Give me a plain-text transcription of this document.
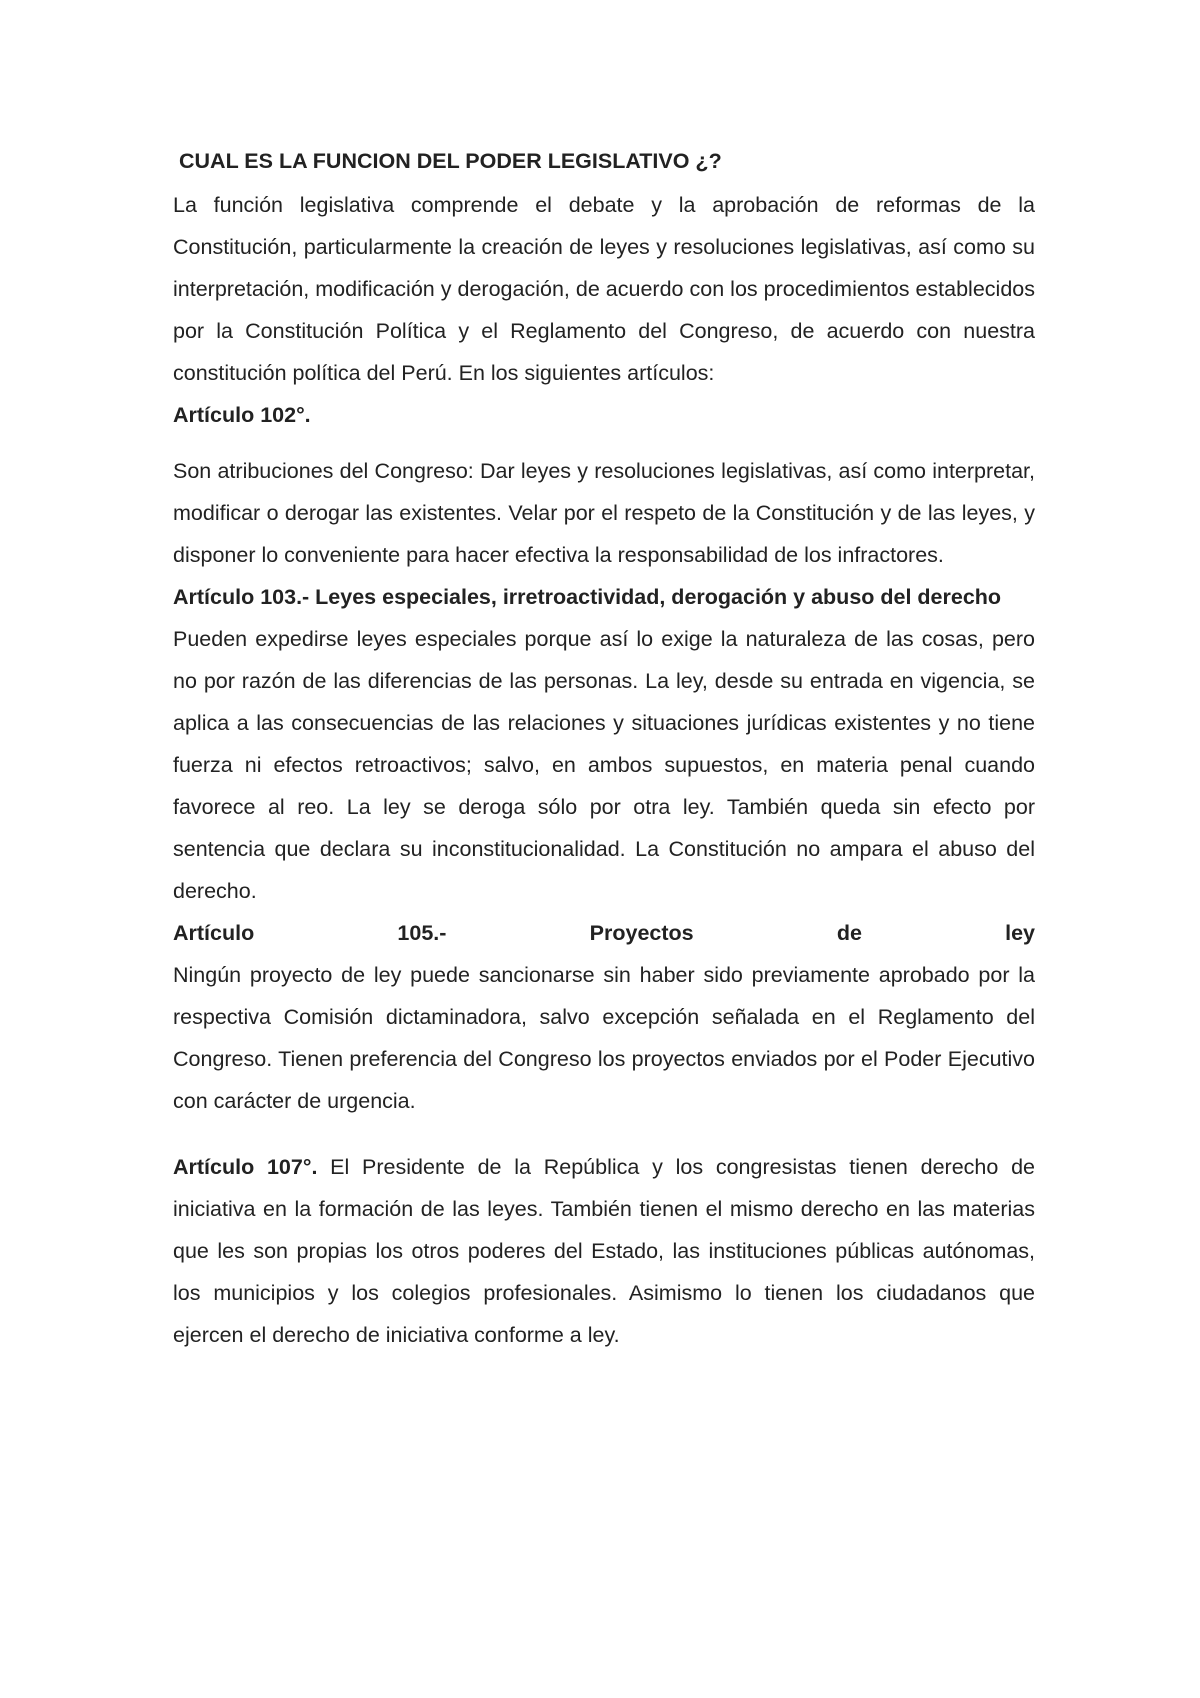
CUAL ES LA FUNCION DEL PODER LEGISLATIVO ¿?

La función legislativa comprende el debate y la aprobación de reformas de la Constitución, particularmente la creación de leyes y resoluciones legislativas, así como su interpretación, modificación y derogación, de acuerdo con los procedimientos establecidos por la Constitución Política y el Reglamento del Congreso, de acuerdo con nuestra constitución política del Perú. En los siguientes artículos:

Artículo 102°.

Son atribuciones del Congreso: Dar leyes y resoluciones legislativas, así como interpretar, modificar o derogar las existentes. Velar por el respeto de la Constitución y de las leyes, y disponer lo conveniente para hacer efectiva la responsabilidad de los infractores.

Artículo 103.- Leyes especiales, irretroactividad, derogación y abuso del derecho

Pueden expedirse leyes especiales porque así lo exige la naturaleza de las cosas, pero no por razón de las diferencias de las personas. La ley, desde su entrada en vigencia, se aplica a las consecuencias de las relaciones y situaciones jurídicas existentes y no tiene fuerza ni efectos retroactivos; salvo, en ambos supuestos, en materia penal cuando favorece al reo. La ley se deroga sólo por otra ley. También queda sin efecto por sentencia que declara su inconstitucionalidad. La Constitución no ampara el abuso del derecho.

Artículo 105.- Proyectos de ley

Ningún proyecto de ley puede sancionarse sin haber sido previamente aprobado por la respectiva Comisión dictaminadora, salvo excepción señalada en el Reglamento del Congreso. Tienen preferencia del Congreso los proyectos enviados por el Poder Ejecutivo con carácter de urgencia.

Artículo 107°. El Presidente de la República y los congresistas tienen derecho de iniciativa en la formación de las leyes. También tienen el mismo derecho en las materias que les son propias los otros poderes del Estado, las instituciones públicas autónomas, los municipios y los colegios profesionales. Asimismo lo tienen los ciudadanos que ejercen el derecho de iniciativa conforme a ley.
